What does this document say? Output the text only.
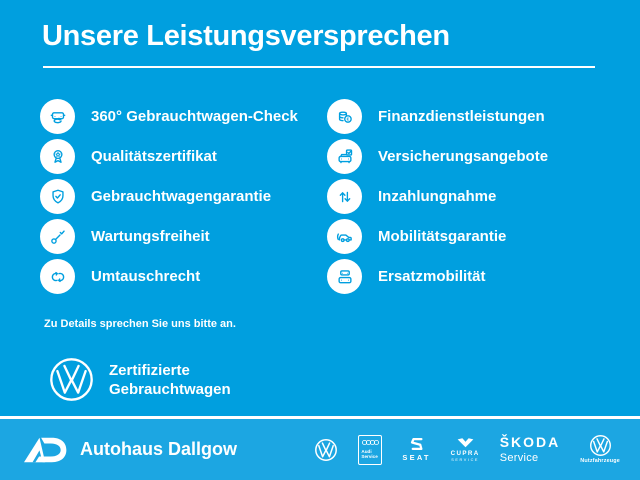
Unsere Leistungsversprechen
360° Gebrauchtwagen-Check
Qualitätszertifikat
Gebrauchtwagengarantie
Wartungsfreiheit
Umtauschrecht
€ Finanzdienstleistungen
Versicherungsangebote
Inzahlungnahme
Mobilitätsgarantie
Ersatzmobilität
Zu Details sprechen Sie uns bitte an.
Zertifizierte
Gebrauchtwagen
Autohaus Dallgow	Audi
Service	SEAT
CUPRA
SERVICE
ŠKODA
Service	Nutzfahrzeuge
